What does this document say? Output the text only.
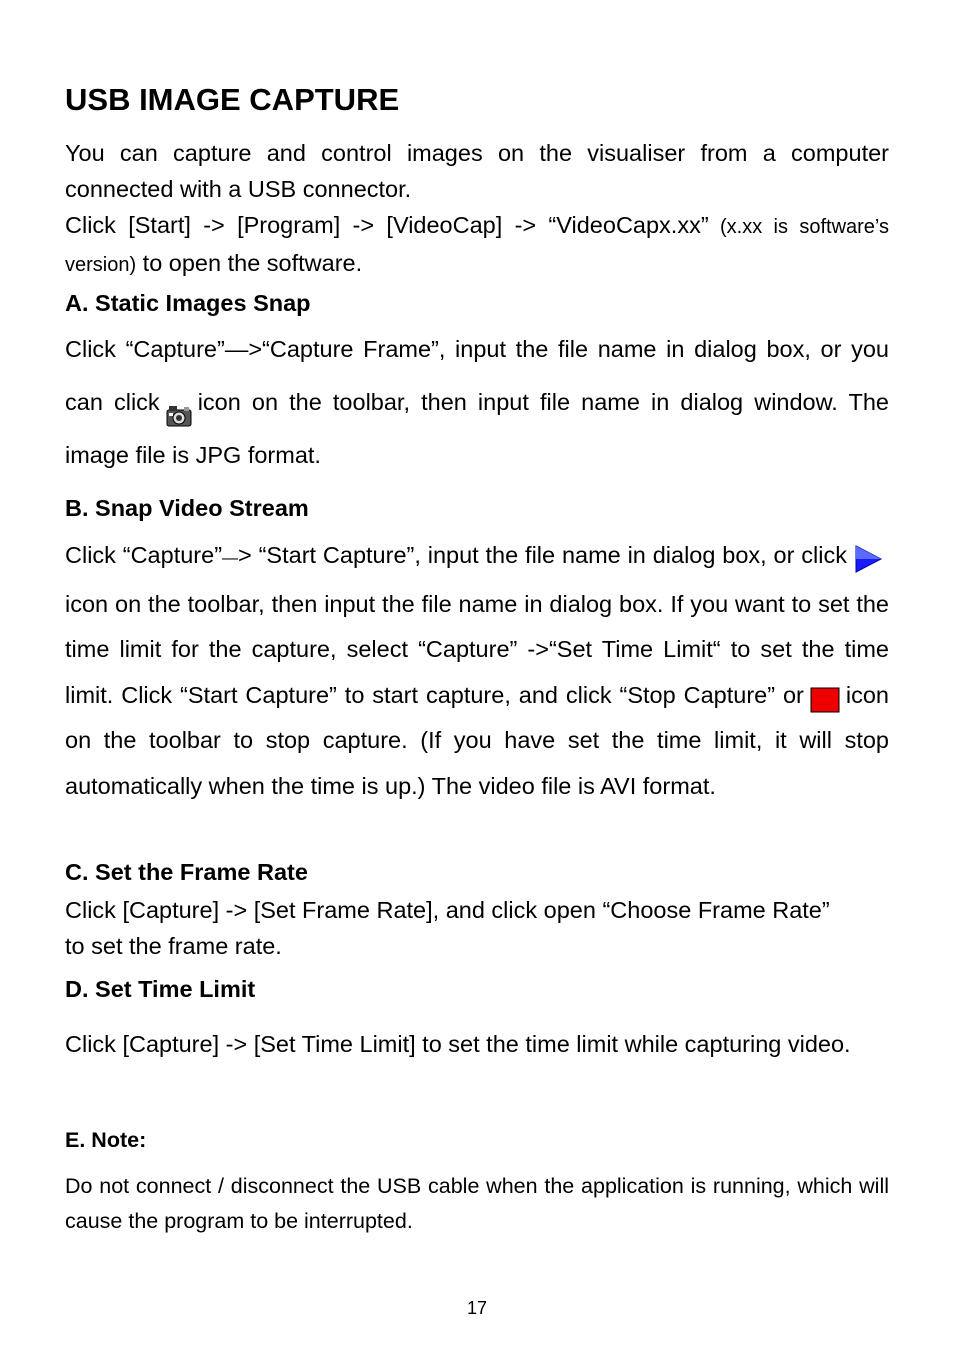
USB IMAGE CAPTURE

You can capture and control images on the visualiser from a computer connected with a USB connector.
Click [Start] -> [Program] -> [VideoCap] -> “VideoCapx.xx” (x.xx is software’s version) to open the software.

A. Static Images Snap

Click “Capture”—>“Capture Frame”, input the file name in dialog box, or you can click icon on the toolbar, then input file name in dialog window. The image file is JPG format.

B. Snap Video Stream

Click “Capture”—> “Start Capture”, input the file name in dialog box, or clickicon on the toolbar, then input the file name in dialog box. If you want to set the time limit for the capture, select “Capture” ->“Set Time Limit“ to set the time limit. Click “Start Capture” to start capture, and click “Stop Capture” or icon on the toolbar to stop capture. (If you have set the time limit, it will stop automatically when the time is up.) The video file is AVI format.

C. Set the Frame Rate

Click [Capture] -> [Set Frame Rate], and click open “Choose Frame Rate”
to set the frame rate.

D. Set Time Limit

Click [Capture] -> [Set Time Limit] to set the time limit while capturing video.

E. Note:

Do not connect / disconnect the USB cable when the application is running, which will cause the program to be interrupted.

17
